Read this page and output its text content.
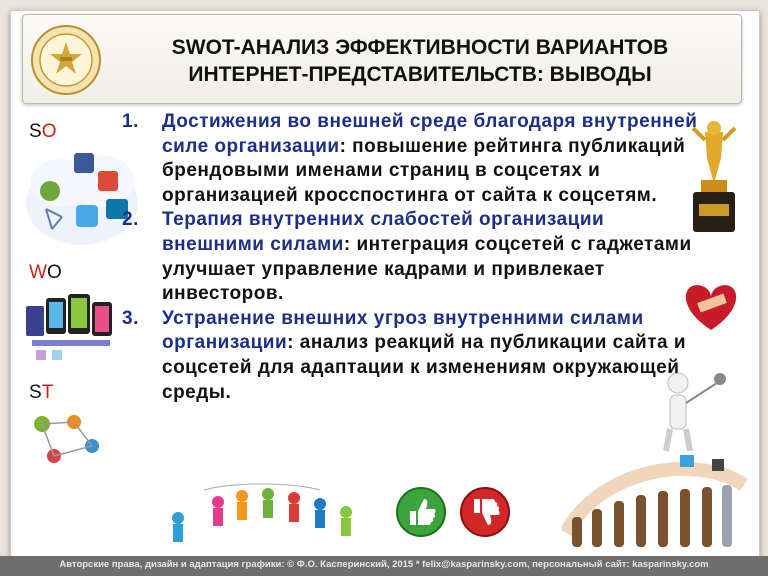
SWOT-АНАЛИЗ ЭФФЕКТИВНОСТИ ВАРИАНТОВ
ИНТЕРНЕТ-ПРЕДСТАВИТЕЛЬСТВ: ВЫВОДЫ
SO
WO
ST
1. Достижения во внешней среде благодаря внутренней силе организации: повышение рейтинга публикаций брендовыми именами страниц в соцсетях и организацией кросспостинга от сайта к соцсетям.
2. Терапия внутренних слабостей организации внешними силами: интеграция соцсетей с гаджетами улучшает управление кадрами и привлекает инвесторов.
3. Устранение внешних угроз внутренними силами организации: анализ реакций на публикации сайта и соцсетей для адаптации к изменениям окружающей среды.
Авторские права, дизайн и адаптация графики: © Ф.О. Касперинский, 2015 * felix@kasparinsky.com, персональный сайт: kasparinsky.com
